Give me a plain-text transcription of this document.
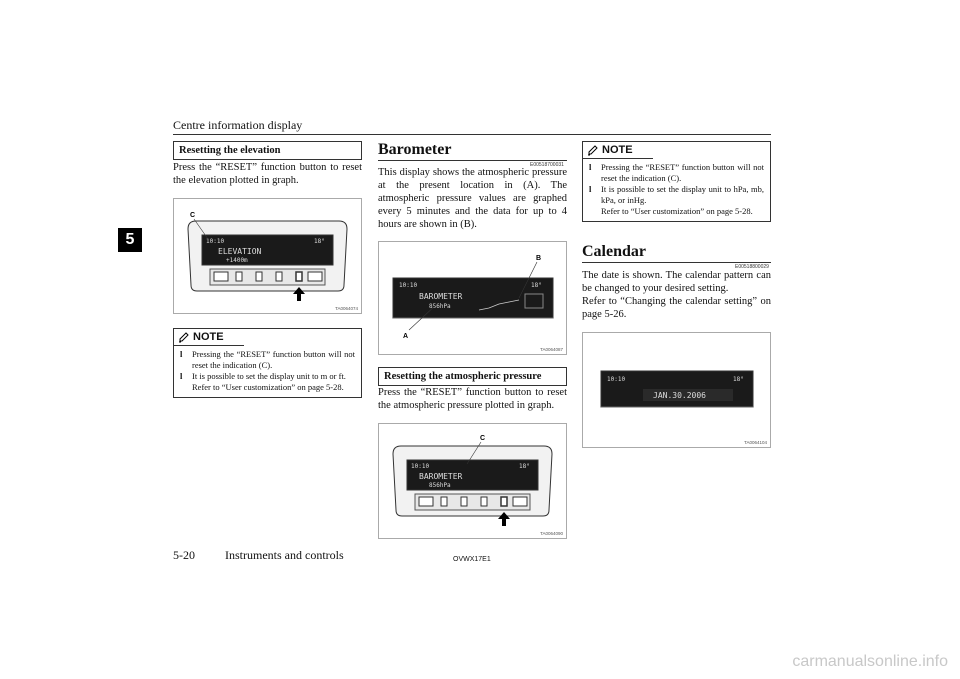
Centre information display
5
Resetting the elevation
Press the “RESET” function button to reset the elevation plotted in graph.
10:10	18°
ELEVATION
+1400m
C
TA0064074
NOTE
l Pressing the “RESET” function button will not reset the indication (C).
l It is possible to set the display unit to m or ft.
Refer to “User customization” on page 5-28.
Barometer
E00518700031
This display shows the atmospheric pressure at the present location in (A). The atmospheric pressure values are graphed every 5 minutes and the data for up to 4 hours are shown in (B).
10:10	18°
BAROMETER
856hPa
A
B
TA0064087
Resetting the atmospheric pressure
Press the “RESET” function button to reset the atmospheric pressure plotted in graph.
10:10	18°
BAROMETER
856hPa
C
TA0064090
NOTE
l Pressing the “RESET” function button will not reset the indication (C).
l It is possible to set the display unit to hPa, mb, kPa, or inHg.
Refer to “User customization” on page 5-28.
Calendar
E00518800029
The date is shown. The calendar pattern can be changed to your desired setting.
Refer to “Changing the calendar setting” on page 5-26.
10:10	18°
JAN.30.2006
TA0064104
5-20	Instruments and controls	OVWX17E1
carmanualsonline.info
